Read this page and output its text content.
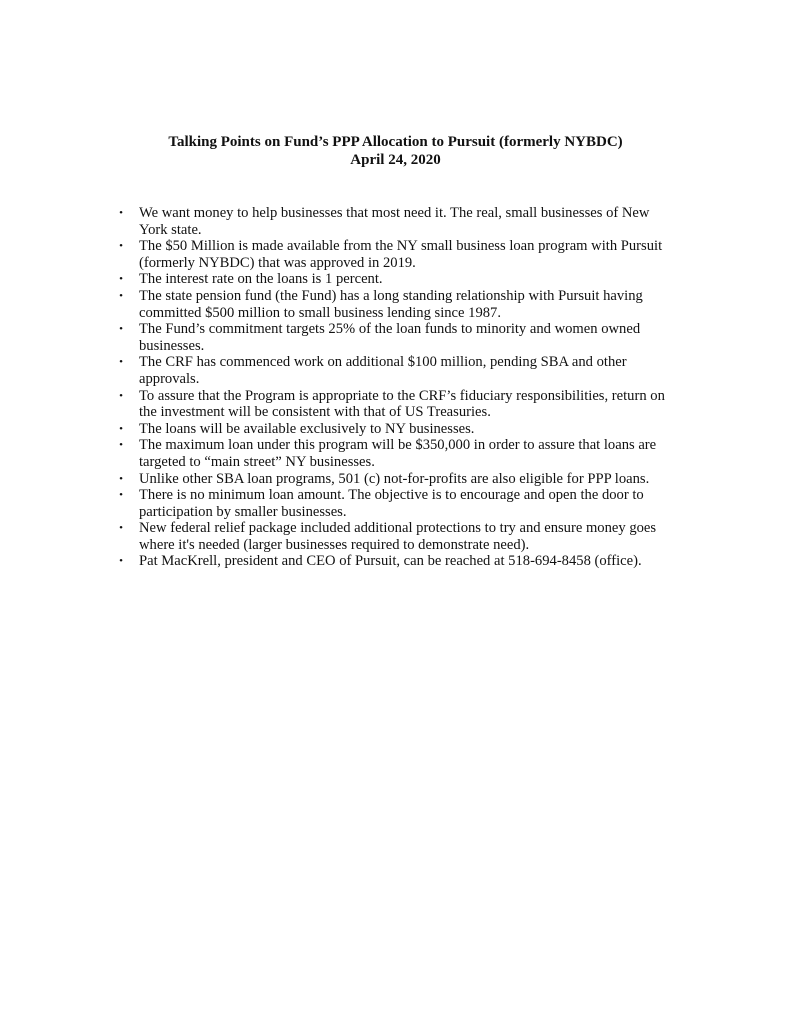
Talking Points on Fund’s PPP Allocation to Pursuit (formerly NYBDC)
April 24, 2020
• We want money to help businesses that most need it. The real, small businesses of New York state.
• The $50 Million is made available from the NY small business loan program with Pursuit (formerly NYBDC) that was approved in 2019.
• The interest rate on the loans is 1 percent.
• The state pension fund (the Fund) has a long standing relationship with Pursuit having committed $500 million to small business lending since 1987.
• The Fund’s commitment targets 25% of the loan funds to minority and women owned businesses.
• The CRF has commenced work on additional $100 million, pending SBA and other approvals.
• To assure that the Program is appropriate to the CRF’s fiduciary responsibilities, return on the investment will be consistent with that of US Treasuries.
• The loans will be available exclusively to NY businesses.
• The maximum loan under this program will be $350,000 in order to assure that loans are targeted to “main street” NY businesses.
• Unlike other SBA loan programs, 501 (c) not-for-profits are also eligible for PPP loans.
• There is no minimum loan amount. The objective is to encourage and open the door to participation by smaller businesses.
• New federal relief package included additional protections to try and ensure money goes where it's needed (larger businesses required to demonstrate need).
• Pat MacKrell, president and CEO of Pursuit, can be reached at 518-694-8458 (office).
